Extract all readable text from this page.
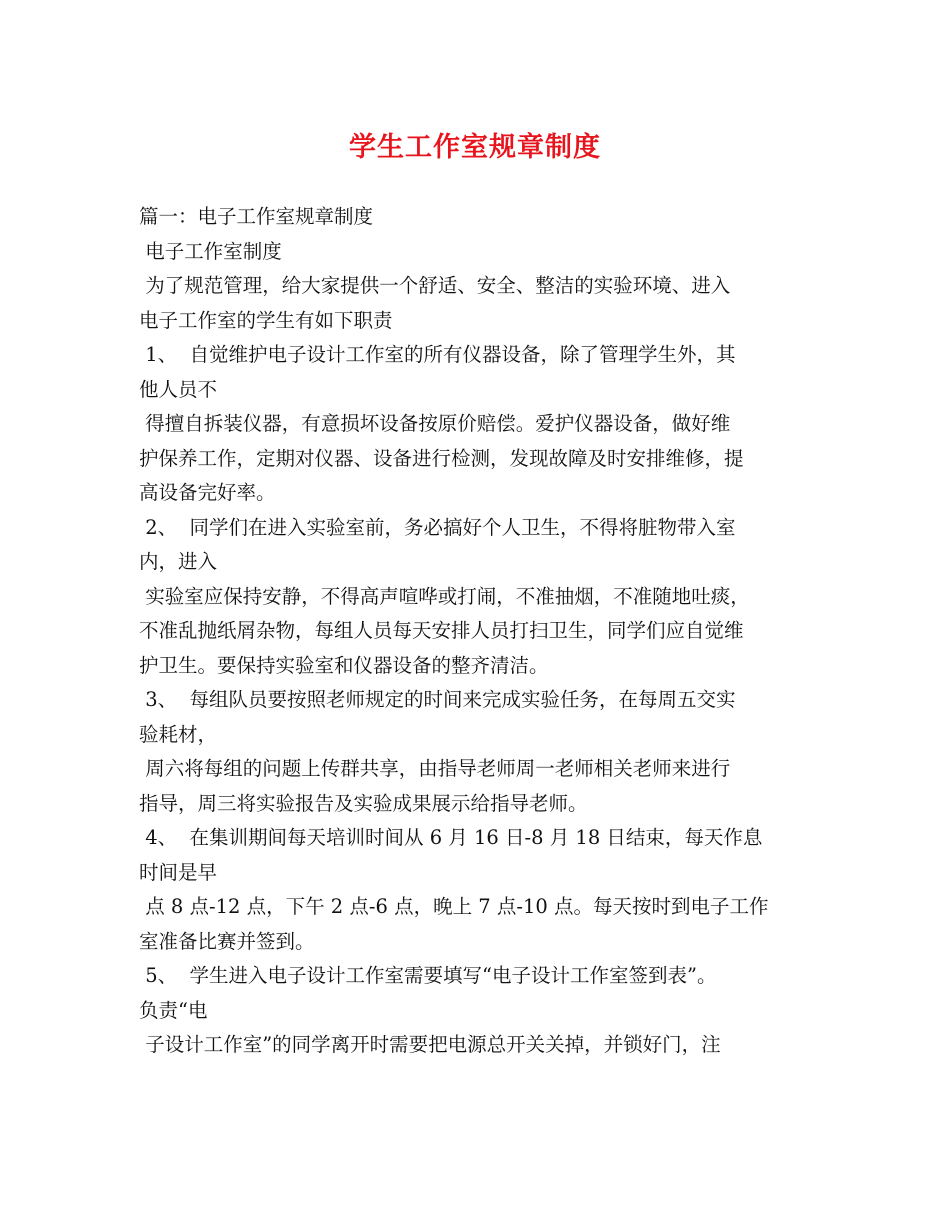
学生工作室规章制度
篇一：电子工作室规章制度
电子工作室制度
为了规范管理，给大家提供一个舒适、安全、整洁的实验环境、进入
电子工作室的学生有如下职责
1、  自觉维护电子设计工作室的所有仪器设备，除了管理学生外，其
他人员不
得擅自拆装仪器，有意损坏设备按原价赔偿。爱护仪器设备，做好维
护保养工作，定期对仪器、设备进行检测，发现故障及时安排维修，提
高设备完好率。
2、  同学们在进入实验室前，务必搞好个人卫生，不得将脏物带入室
内，进入
实验室应保持安静，不得高声喧哗或打闹，不准抽烟，不准随地吐痰，
不准乱抛纸屑杂物，每组人员每天安排人员打扫卫生，同学们应自觉维
护卫生。要保持实验室和仪器设备的整齐清洁。
3、  每组队员要按照老师规定的时间来完成实验任务，在每周五交实
验耗材，
周六将每组的问题上传群共享，由指导老师周一老师相关老师来进行
指导，周三将实验报告及实验成果展示给指导老师。
4、  在集训期间每天培训时间从 6 月 16 日-8 月 18 日结束，每天作息
时间是早
点 8 点-12 点，下午 2 点-6 点，晚上 7 点-10 点。每天按时到电子工作
室准备比赛并签到。
5、  学生进入电子设计工作室需要填写“电子设计工作室签到表”。
负责“电
子设计工作室”的同学离开时需要把电源总开关关掉，并锁好门，注
